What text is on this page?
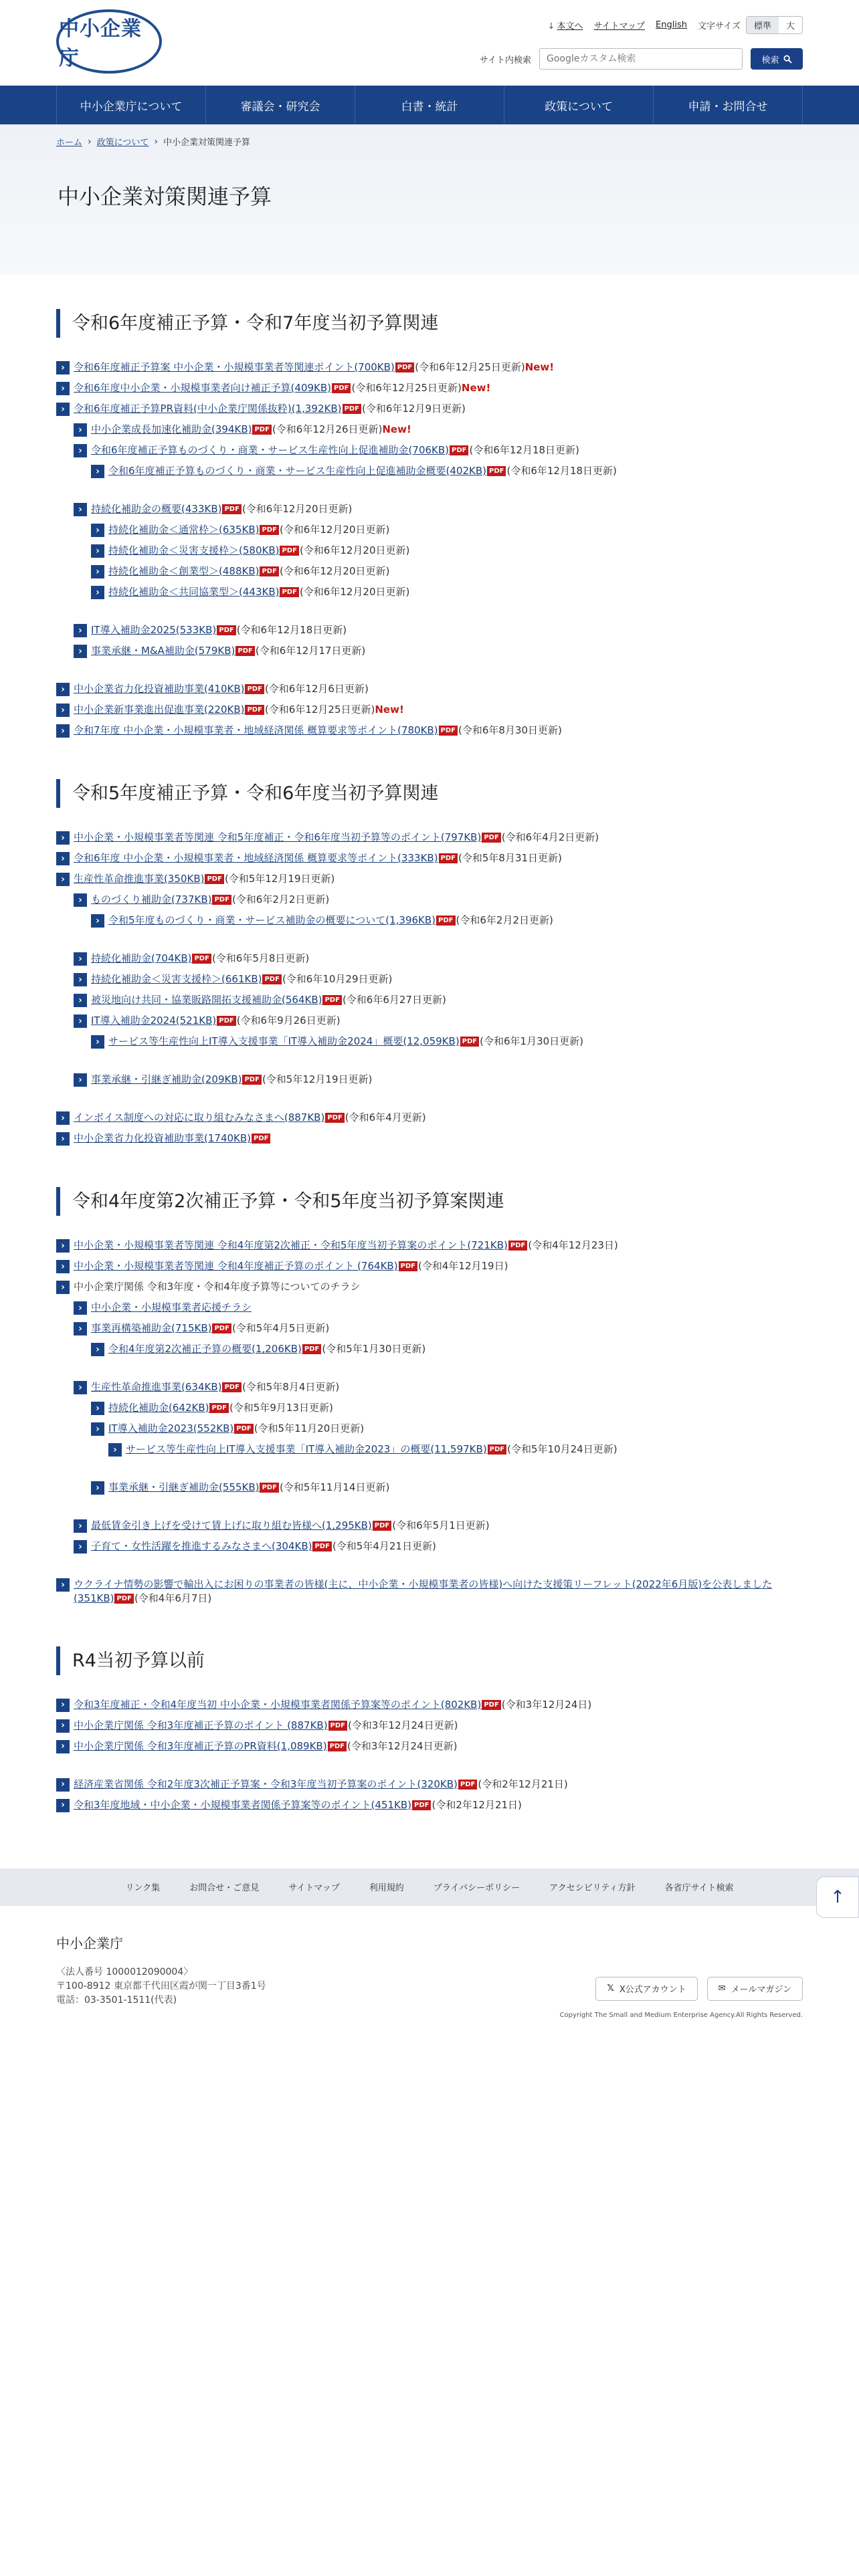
中小企業庁
↓ 本文へ サイトマップ English 文字サイズ	標準	大
サイト内検索
Googleカスタム検索	検索
中小企業庁について	審議会・研究会	白書・統計	政策について	申請・お問合せ
ホーム › 政策について › 中小企業対策関連予算
中小企業対策関連予算
令和6年度補正予算・令和7年度当初予算関連
› 令和6年度補正予算案 中小企業・小規模事業者等関連ポイント(700KB) PDF (令和6年12月25日更新)New!
› 令和6年度中小企業・小規模事業者向け補正予算(409KB) PDF (令和6年12月25日更新)New!
› 令和6年度補正予算PR資料(中小企業庁関係抜粋)(1,392KB) PDF (令和6年12月9日更新)
› 中小企業成長加速化補助金(394KB) PDF (令和6年12月26日更新)New!
› 令和6年度補正予算ものづくり・商業・サービス生産性向上促進補助金(706KB) PDF (令和6年12月18日更新)
› 令和6年度補正予算ものづくり・商業・サービス生産性向上促進補助金概要(402KB) PDF (令和6年12月18日更新)
› 持続化補助金の概要(433KB) PDF (令和6年12月20日更新)
› 持続化補助金＜通常枠＞(635KB) PDF (令和6年12月20日更新)
› 持続化補助金＜災害支援枠＞(580KB) PDF (令和6年12月20日更新)
› 持続化補助金＜創業型＞(488KB) PDF (令和6年12月20日更新)
› 持続化補助金＜共同協業型＞(443KB) PDF (令和6年12月20日更新)
› IT導入補助金2025(533KB) PDF (令和6年12月18日更新)
› 事業承継・M&A補助金(579KB) PDF (令和6年12月17日更新)
› 中小企業省力化投資補助事業(410KB) PDF (令和6年12月6日更新)
› 中小企業新事業進出促進事業(220KB) PDF (令和6年12月25日更新)New!
› 令和7年度 中小企業・小規模事業者・地域経済関係 概算要求等ポイント(780KB) PDF (令和6年8月30日更新)
令和5年度補正予算・令和6年度当初予算関連
› 中小企業・小規模事業者等関連 令和5年度補正・令和6年度当初予算等のポイント(797KB) PDF (令和6年4月2日更新)
› 令和6年度 中小企業・小規模事業者・地域経済関係 概算要求等ポイント(333KB) PDF (令和5年8月31日更新)
› 生産性革命推進事業(350KB) PDF (令和5年12月19日更新)
› ものづくり補助金(737KB) PDF (令和6年2月2日更新)
› 令和5年度ものづくり・商業・サービス補助金の概要について(1,396KB) PDF (令和6年2月2日更新)
› 持続化補助金(704KB) PDF (令和6年5月8日更新)
› 持続化補助金＜災害支援枠＞(661KB) PDF (令和6年10月29日更新)
› 被災地向け共同・協業販路開拓支援補助金(564KB) PDF (令和6年6月27日更新)
› IT導入補助金2024(521KB) PDF (令和6年9月26日更新)
› サービス等生産性向上IT導入支援事業「IT導入補助金2024」概要(12,059KB) PDF (令和6年1月30日更新)
› 事業承継・引継ぎ補助金(209KB) PDF (令和5年12月19日更新)
› インボイス制度への対応に取り組むみなさまへ(887KB) PDF (令和6年4月更新)
› 中小企業省力化投資補助事業(1740KB) PDF
令和4年度第2次補正予算・令和5年度当初予算案関連
› 中小企業・小規模事業者等関連 令和4年度第2次補正・令和5年度当初予算案のポイント(721KB) PDF (令和4年12月23日)
› 中小企業・小規模事業者等関連 令和4年度補正予算のポイント (764KB) PDF (令和4年12月19日)
› 中小企業庁関係 令和3年度・令和4年度予算等についてのチラシ
› 中小企業・小規模事業者応援チラシ
› 事業再構築補助金(715KB) PDF (令和5年4月5日更新)
› 令和4年度第2次補正予算の概要(1,206KB) PDF (令和5年1月30日更新)
› 生産性革命推進事業(634KB) PDF (令和5年8月4日更新)
› 持続化補助金(642KB) PDF (令和5年9月13日更新)
› IT導入補助金2023(552KB) PDF (令和5年11月20日更新)
› サービス等生産性向上IT導入支援事業「IT導入補助金2023」の概要(11,597KB) PDF (令和5年10月24日更新)
› 事業承継・引継ぎ補助金(555KB) PDF (令和5年11月14日更新)
› 最低賃金引き上げを受けて賃上げに取り組む皆様へ(1,295KB) PDF (令和6年5月1日更新)
› 子育て・女性活躍を推進するみなさまへ(304KB) PDF (令和5年4月21日更新)
› ウクライナ情勢の影響で輸出入にお困りの事業者の皆様(主に、中小企業・小規模事業者の皆様)へ向けた支援策リーフレット(2022年6月版)を公表しました(351KB) PDF (令和4年6月7日)
R4当初予算以前
› 令和3年度補正・令和4年度当初 中小企業・小規模事業者関係予算案等のポイント(802KB) PDF (令和3年12月24日)
› 中小企業庁関係 令和3年度補正予算のポイント (887KB) PDF (令和3年12月24日更新)
› 中小企業庁関係 令和3年度補正予算のPR資料(1,089KB) PDF (令和3年12月24日更新)
› 経済産業省関係 令和2年度3次補正予算案・令和3年度当初予算案のポイント(320KB) PDF (令和2年12月21日)
› 令和3年度地域・中小企業・小規模事業者関係予算案等のポイント(451KB) PDF (令和2年12月21日)
↑
リンク集	お問合せ・ご意見	サイトマップ	利用規約	プライバシーポリシー	アクセシビリティ方針	各省庁サイト検索
中小企業庁
〈法人番号 1000012090004〉
〒100-8912 東京都千代田区霞が関一丁目3番1号
電話：03-3501-1511(代表)
𝕏 X公式アカウント	✉ メールマガジン
Copyright The Small and Medium Enterprise Agency.All Rights Reserved.
